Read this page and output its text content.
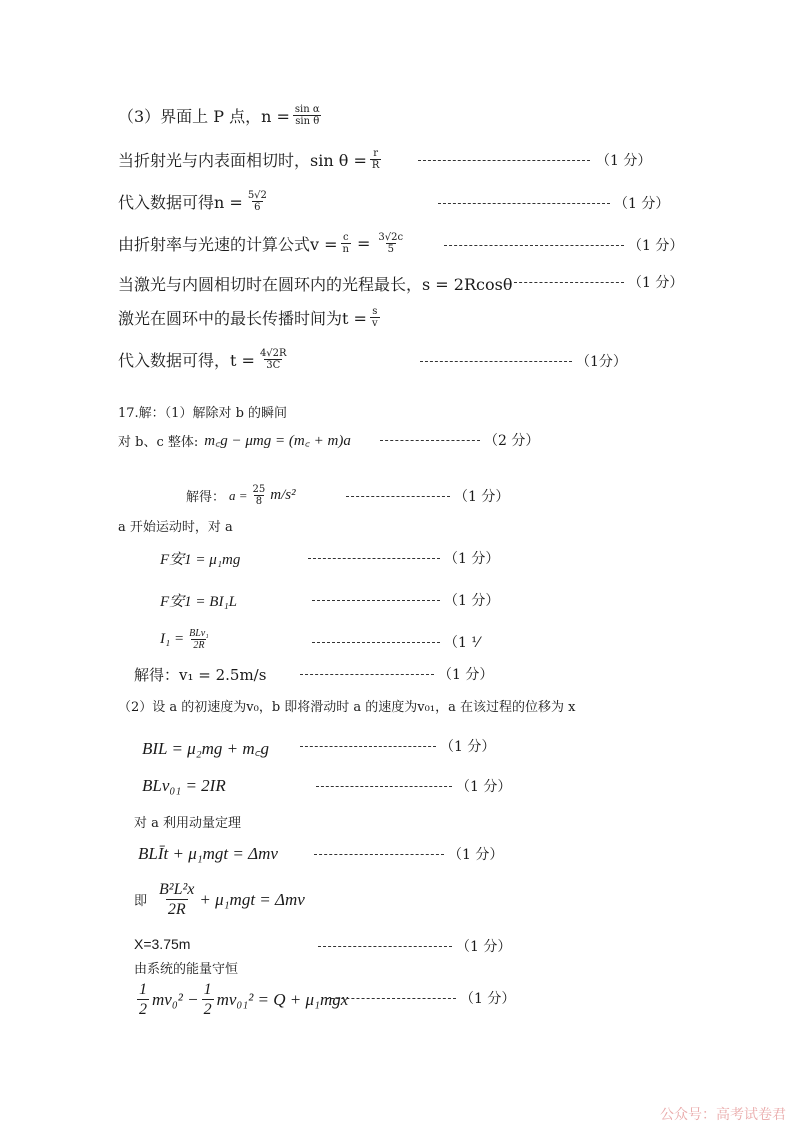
（3）界面上 P 点，$n = \frac{\text{sin α}}{\text{sin θ}}$
当折射光与内表面相切时，$\sin \theta = \frac{r}{R}$	（1 分）
代入数据可得$n = \frac{5√2}{6}$	（1 分）
由折射率与光速的计算公式$v = \frac{c}{n} = \frac{3√2c}{5}$	（1 分）
当激光与内圆相切时在圆环内的光程最长，s = 2Rcosθ	（1 分）
激光在圆环中的最长传播时间为$t = \frac{s}{v}$
代入数据可得，$t = \frac{4√2R}{3C}$	（1分）
17.解：（1）解除对 b 的瞬间
对 b、c 整体: m꜀g − μmg = (m꜀ + m)a	（2 分）
解得： $a = \frac{25}{8} m/s^2$	（1 分）
a 开始运动时，对 a
F安1 = μ₁mg	（1 分）
F安1 = BI₁L	（1 分）
$I_1 = \frac{\text{BLv₁}}{2R}$	（1 ⅟
解得：v₁ = 2.5m/s	（1 分）
（2）设 a 的初速度为v₀，b 即将滑动时 a 的速度为v₀₁，a 在该过程的位移为 x
BIL = μ₂mg + m꜀g	（1 分）
BLv₀₁ = 2IR	（1 分）
对 a 利用动量定理
BLĪt + μ₁mgt = Δmv	（1 分）
即 $\frac{\text{B²L²x}}{2R} + \mu_1mgt = \Delta mv$
X=3.75m	（1 分）
由系统的能量守恒
$\frac{1}{2} mv_0^2 - \frac{1}{2} mv_{01}^2 = Q + \mu_1mgx$	（1 分）
公众号：高考试卷君
